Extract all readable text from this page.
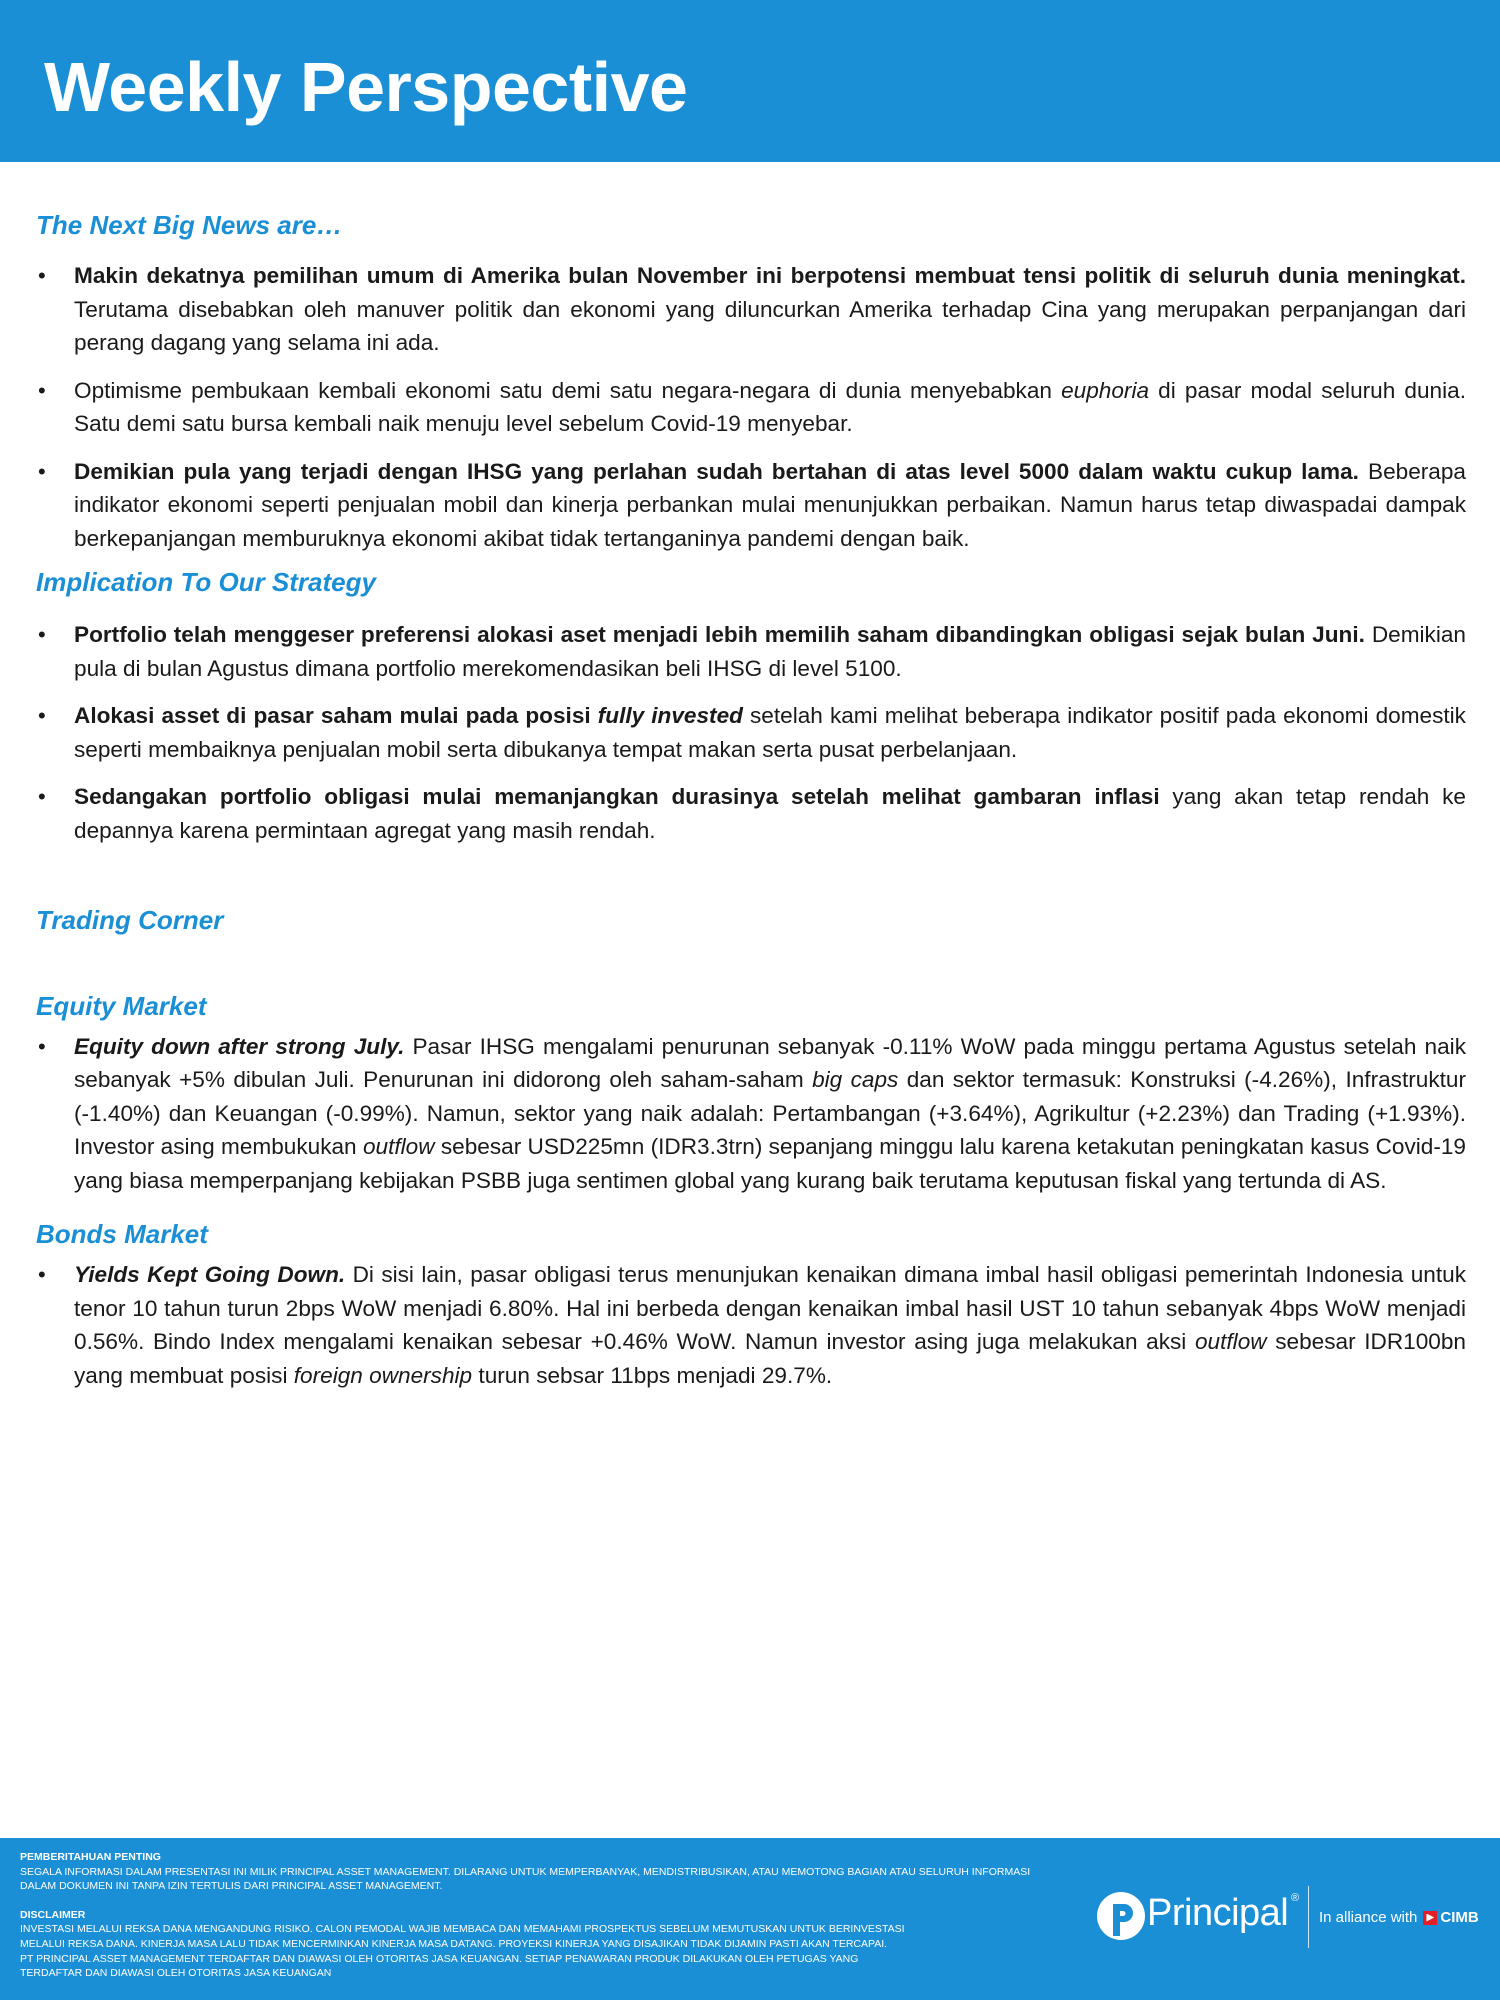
Weekly Perspective
The Next Big News are…
• Makin dekatnya pemilihan umum di Amerika bulan November ini berpotensi membuat tensi politik di seluruh dunia meningkat. Terutama disebabkan oleh manuver politik dan ekonomi yang diluncurkan Amerika terhadap Cina yang merupakan perpanjangan dari perang dagang yang selama ini ada.
• Optimisme pembukaan kembali ekonomi satu demi satu negara-negara di dunia menyebabkan euphoria di pasar modal seluruh dunia. Satu demi satu bursa kembali naik menuju level sebelum Covid-19 menyebar.
• Demikian pula yang terjadi dengan IHSG yang perlahan sudah bertahan di atas level 5000 dalam waktu cukup lama. Beberapa indikator ekonomi seperti penjualan mobil dan kinerja perbankan mulai menunjukkan perbaikan. Namun harus tetap diwaspadai dampak berkepanjangan memburuknya ekonomi akibat tidak tertanganinya pandemi dengan baik.
Implication To Our Strategy
• Portfolio telah menggeser preferensi alokasi aset menjadi lebih memilih saham dibandingkan obligasi sejak bulan Juni. Demikian pula di bulan Agustus dimana portfolio merekomendasikan beli IHSG di level 5100.
• Alokasi asset di pasar saham mulai pada posisi fully invested setelah kami melihat beberapa indikator positif pada ekonomi domestik seperti membaiknya penjualan mobil serta dibukanya tempat makan serta pusat perbelanjaan.
• Sedangakan portfolio obligasi mulai memanjangkan durasinya setelah melihat gambaran inflasi yang akan tetap rendah ke depannya karena permintaan agregat yang masih rendah.
Trading Corner
Equity Market
• Equity down after strong July. Pasar IHSG mengalami penurunan sebanyak -0.11% WoW pada minggu pertama Agustus setelah naik sebanyak +5% dibulan Juli. Penurunan ini didorong oleh saham-saham big caps dan sektor termasuk: Konstruksi (-4.26%), Infrastruktur (-1.40%) dan Keuangan (-0.99%). Namun, sektor yang naik adalah: Pertambangan (+3.64%), Agrikultur (+2.23%) dan Trading (+1.93%). Investor asing membukukan outflow sebesar USD225mn (IDR3.3trn) sepanjang minggu lalu karena ketakutan peningkatan kasus Covid-19 yang biasa memperpanjang kebijakan PSBB juga sentimen global yang kurang baik terutama keputusan fiskal yang tertunda di AS.
Bonds Market
• Yields Kept Going Down. Di sisi lain, pasar obligasi terus menunjukan kenaikan dimana imbal hasil obligasi pemerintah Indonesia untuk tenor 10 tahun turun 2bps WoW menjadi 6.80%. Hal ini berbeda dengan kenaikan imbal hasil UST 10 tahun sebanyak 4bps WoW menjadi 0.56%. Bindo Index mengalami kenaikan sebesar +0.46% WoW. Namun investor asing juga melakukan aksi outflow sebesar IDR100bn yang membuat posisi foreign ownership turun sebsar 11bps menjadi 29.7%.

PEMBERITAHUAN PENTING

SEGALA INFORMASI DALAM PRESENTASI INI MILIK PRINCIPAL ASSET MANAGEMENT. DILARANG UNTUK MEMPERBANYAK, MENDISTRIBUSIKAN, ATAU MEMOTONG BAGIAN ATAU SELURUH INFORMASI

DALAM DOKUMEN INI TANPA IZIN TERTULIS DARI PRINCIPAL ASSET MANAGEMENT.

DISCLAIMER

INVESTASI MELALUI REKSA DANA MENGANDUNG RISIKO. CALON PEMODAL WAJIB MEMBACA DAN MEMAHAMI PROSPEKTUS SEBELUM MEMUTUSKAN UNTUK BERINVESTASI

MELALUI REKSA DANA. KINERJA MASA LALU TIDAK MENCERMINKAN KINERJA MASA DATANG. PROYEKSI KINERJA YANG DISAJIKAN TIDAK DIJAMIN PASTI AKAN TERCAPAI.

PT PRINCIPAL ASSET MANAGEMENT TERDAFTAR DAN DIAWASI OLEH OTORITAS JASA KEUANGAN. SETIAP PENAWARAN PRODUK DILAKUKAN OLEH PETUGAS YANG

TERDAFTAR DAN DIAWASI OLEH OTORITAS JASA KEUANGAN

Principal ®
In alliance with CIMB
